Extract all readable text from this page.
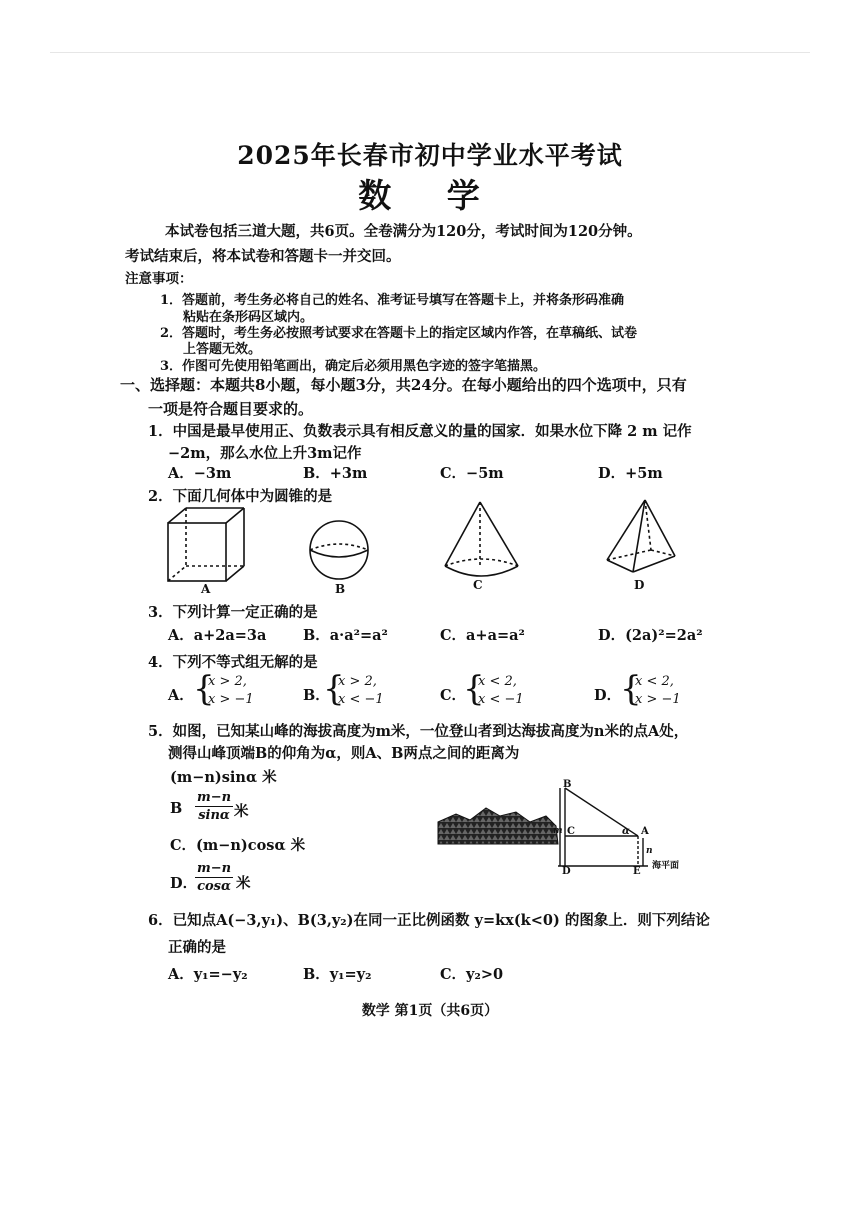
2025年长春市初中学业水平考试
数 学
本试卷包括三道大题，共6页。全卷满分为120分，考试时间为120分钟。
考试结束后，将本试卷和答题卡一并交回。
注意事项：
1．答题前，考生务必将自己的姓名、准考证号填写在答题卡上，并将条形码准确
粘贴在条形码区域内。
2．答题时，考生务必按照考试要求在答题卡上的指定区域内作答，在草稿纸、试卷
上答题无效。
3．作图可先使用铅笔画出，确定后必须用黑色字迹的签字笔描黑。
一、选择题：本题共8小题，每小题3分，共24分。在每小题给出的四个选项中，只有
一项是符合题目要求的。
1．中国是最早使用正、负数表示具有相反意义的量的国家．如果水位下降 2 m 记作
−2m，那么水位上升3m记作
A．−3m	B．+3m	C．−5m	D．+5m
2．下面几何体中为圆锥的是
A	B	C	D
3．下列计算一定正确的是
A．a+2a=3a	B．a·a²=a²	C．a+a=a²	D．(2a)²=2a²
4．下列不等式组无解的是
A． {
x > 2,
x > −1	B．
{
x > 2,
x < −1	C．
{
x < 2,
x < −1	D．
{
x < 2,
x > −1
5．如图，已知某山峰的海拔高度为m米，一位登山者到达海拔高度为n米的点A处，
测得山峰顶端B的仰角为α，则A、B两点之间的距离为
(m−n)sinα 米
B $\frac{m-n}{\sin\alpha}$ 米
C．(m−n)cosα 米
D．
$\frac{m-n}{\cos\alpha}$ 米
B
C	A
D	E
m
n
α
海平面
6．已知点A(−3,y₁)、B(3,y₂)在同一正比例函数 y=kx(k<0) 的图象上．则下列结论
正确的是
A．y₁=−y₂	B．y₁=y₂	C．y₂>0
数学 第1页（共6页）
